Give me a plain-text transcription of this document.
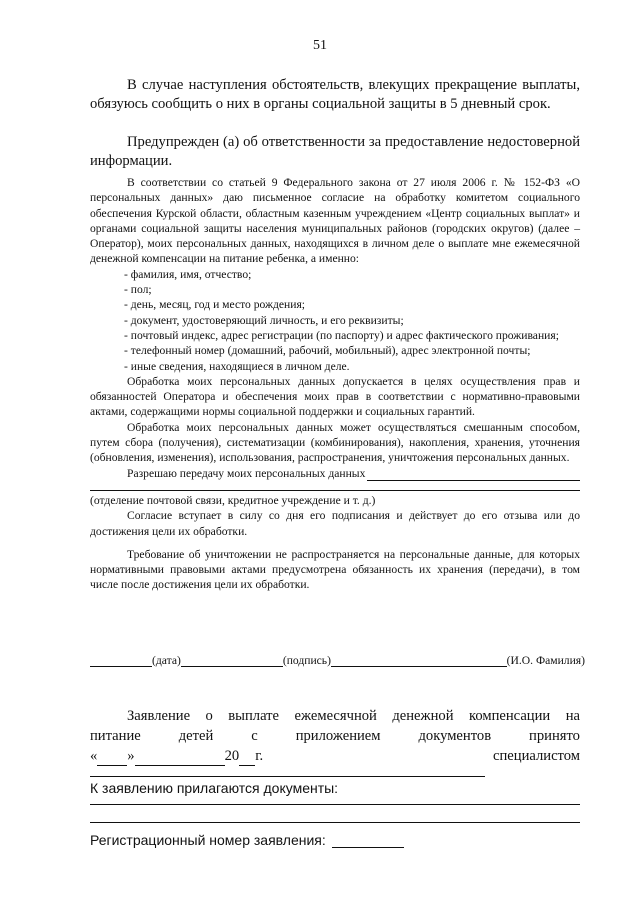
51

В случае наступления обстоятельств, влекущих прекращение выплаты, обязуюсь сообщить о них в органы социальной защиты в 5 дневный срок.

Предупрежден (а) об ответственности за предоставление недостоверной информации.

В соответствии со статьей 9 Федерального закона от 27 июля 2006 г. № 152-ФЗ «О персональных данных» даю письменное согласие на обработку комитетом социального обеспечения Курской области, областным казенным учреждением «Центр социальных выплат» и органами социальной защиты населения муниципальных районов (городских округов) (далее – Оператор), моих персональных данных, находящихся в личном деле о выплате мне ежемесячной денежной компенсации на питание ребенка, а именно:

- фамилия, имя, отчество;

- пол;

- день, месяц, год и место рождения;

- документ, удостоверяющий личность, и его реквизиты;

- почтовый индекс, адрес регистрации (по паспорту) и адрес фактического проживания;

- телефонный номер (домашний, рабочий, мобильный), адрес электронной почты;

- иные сведения, находящиеся в личном деле.

Обработка моих персональных данных допускается в целях осуществления прав и обязанностей Оператора и обеспечения моих прав в соответствии с нормативно-правовыми актами, содержащими нормы социальной поддержки и социальных гарантий.

Обработка моих персональных данных может осуществляться смешанным способом, путем сбора (получения), систематизации (комбинирования), накопления, хранения, уточнения (обновления, изменения), использования, распространения, уничтожения персональных данных.

Разрешаю передачу моих персональных данных

(отделение почтовой связи, кредитное учреждение и т. д.)

Согласие вступает в силу со дня его подписания и действует до его отзыва или до достижения цели их обработки.

Требование об уничтожении не распространяется на персональные данные, для которых нормативными правовыми актами предусмотрена обязанность их хранения (передачи), в том числе после достижения цели их обработки.

(дата)	(подпись)	(И.О. Фамилия)

Заявление о выплате ежемесячной денежной компенсации на

питание	детей	с	приложением	документов	принято
« »	20 г.	специалистом

К заявлению прилагаются документы:

Регистрационный номер заявления:
